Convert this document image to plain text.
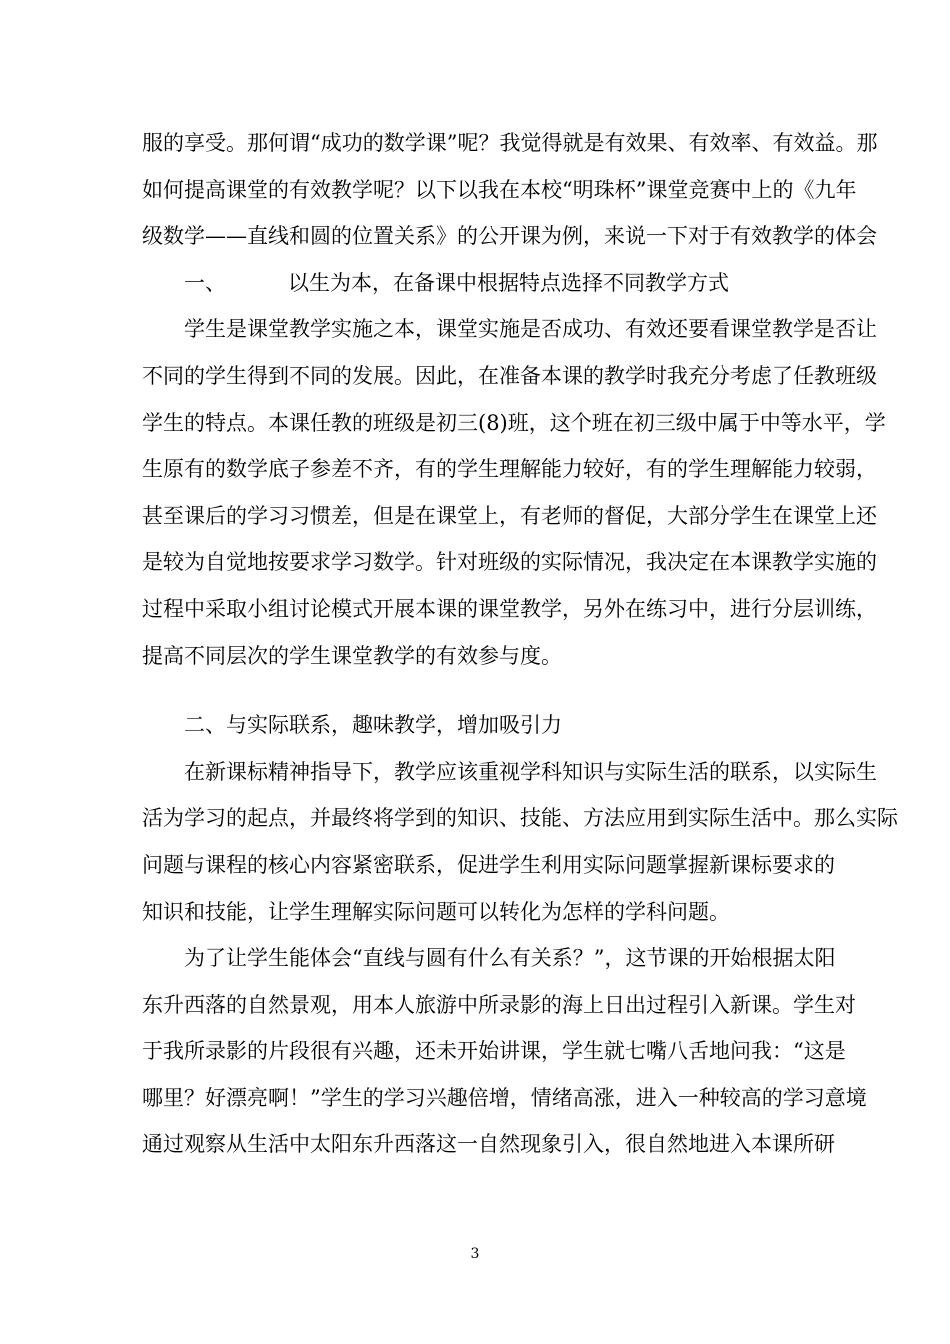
服的享受。那何谓“成功的数学课”呢？我觉得就是有效果、有效率、有效益。那
如何提高课堂的有效教学呢？以下以我在本校“明珠杯”课堂竞赛中上的《九年
级数学——直线和圆的位置关系》的公开课为例，来说一下对于有效教学的体会
一、	以生为本，在备课中根据特点选择不同教学方式
学生是课堂教学实施之本，课堂实施是否成功、有效还要看课堂教学是否让
不同的学生得到不同的发展。因此，在准备本课的教学时我充分考虑了任教班级
学生的特点。本课任教的班级是初三(8)班，这个班在初三级中属于中等水平，学
生原有的数学底子参差不齐，有的学生理解能力较好，有的学生理解能力较弱，
甚至课后的学习习惯差，但是在课堂上，有老师的督促，大部分学生在课堂上还
是较为自觉地按要求学习数学。针对班级的实际情况，我决定在本课教学实施的
过程中采取小组讨论模式开展本课的课堂教学，另外在练习中，进行分层训练，
提高不同层次的学生课堂教学的有效参与度。
二、与实际联系，趣味教学，增加吸引力
在新课标精神指导下，教学应该重视学科知识与实际生活的联系，以实际生
活为学习的起点，并最终将学到的知识、技能、方法应用到实际生活中。那么实际
问题与课程的核心内容紧密联系，促进学生利用实际问题掌握新课标要求的
知识和技能，让学生理解实际问题可以转化为怎样的学科问题。
为了让学生能体会“直线与圆有什么有关系？”，这节课的开始根据太阳
东升西落的自然景观，用本人旅游中所录影的海上日出过程引入新课。学生对
于我所录影的片段很有兴趣，还未开始讲课，学生就七嘴八舌地问我：“这是
哪里？好漂亮啊！”学生的学习兴趣倍增，情绪高涨，进入一种较高的学习意境
通过观察从生活中太阳东升西落这一自然现象引入，很自然地进入本课所研
3
